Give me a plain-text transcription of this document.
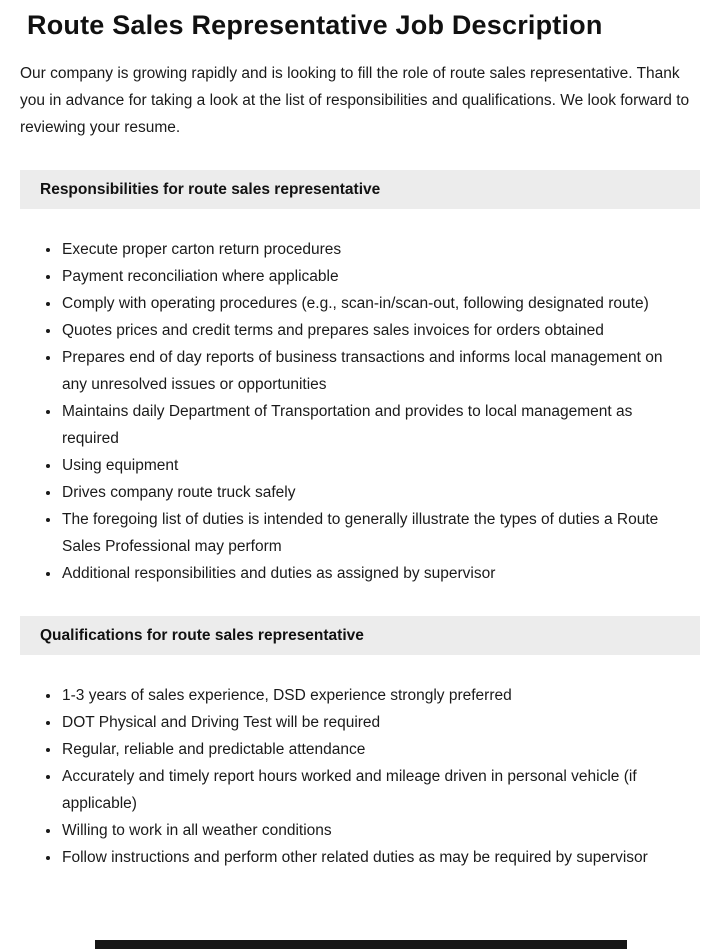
Route Sales Representative Job Description

Our company is growing rapidly and is looking to fill the role of route sales representative. Thank you in advance for taking a look at the list of responsibilities and qualifications. We look forward to reviewing your resume.

Responsibilities for route sales representative
• Execute proper carton return procedures
• Payment reconciliation where applicable
• Comply with operating procedures (e.g., scan-in/scan-out, following designated route)
• Quotes prices and credit terms and prepares sales invoices for orders obtained
• Prepares end of day reports of business transactions and informs local management on any unresolved issues or opportunities
• Maintains daily Department of Transportation and provides to local management as required
• Using equipment
• Drives company route truck safely
• The foregoing list of duties is intended to generally illustrate the types of duties a Route Sales Professional may perform
• Additional responsibilities and duties as assigned by supervisor
Qualifications for route sales representative
• 1-3 years of sales experience, DSD experience strongly preferred
• DOT Physical and Driving Test will be required
• Regular, reliable and predictable attendance
• Accurately and timely report hours worked and mileage driven in personal vehicle (if applicable)
• Willing to work in all weather conditions
• Follow instructions and perform other related duties as may be required by supervisor
